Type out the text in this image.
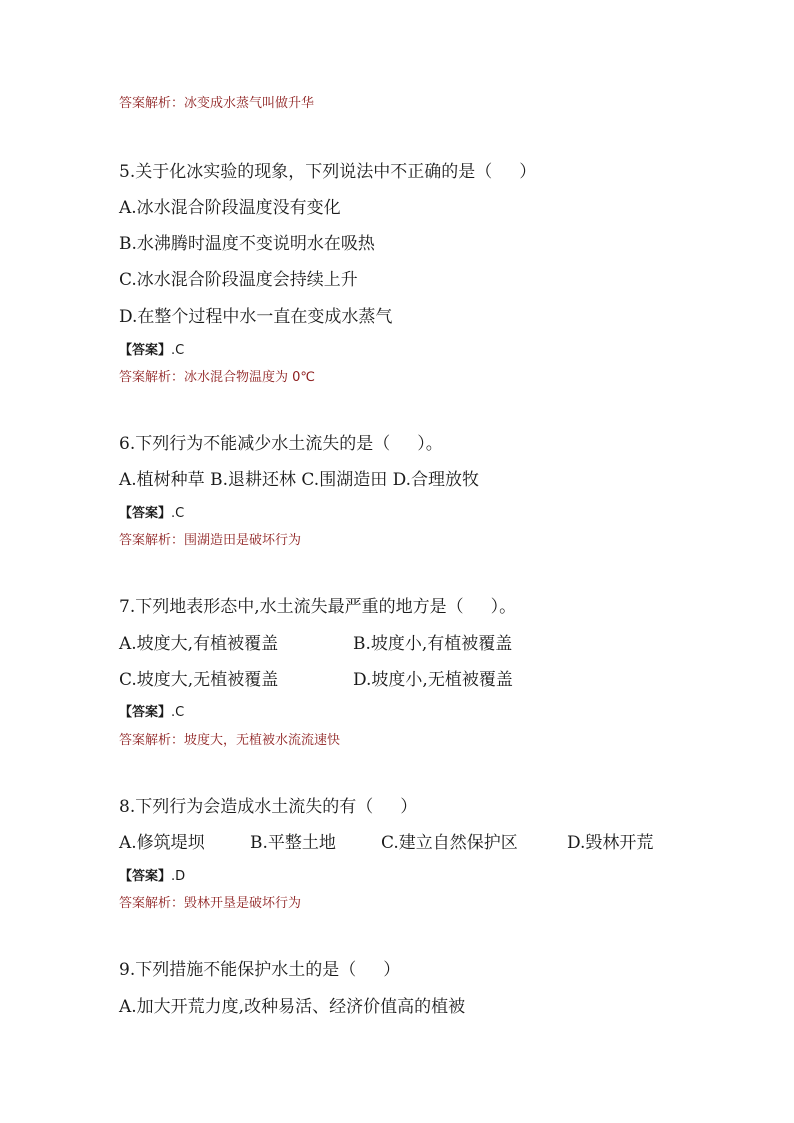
答案解析：冰变成水蒸气叫做升华
5.关于化冰实验的现象，下列说法中不正确的是（     ）
A.冰水混合阶段温度没有变化
B.水沸腾时温度不变说明水在吸热
C.冰水混合阶段温度会持续上升
D.在整个过程中水一直在变成水蒸气
【答案】.C
答案解析：冰水混合物温度为 0℃
6.下列行为不能减少水土流失的是（     ）。
A.植树种草 B.退耕还林 C.围湖造田 D.合理放牧
【答案】.C
答案解析：围湖造田是破坏行为
7.下列地表形态中,水土流失最严重的地方是（     ）。
A.坡度大,有植被覆盖	B.坡度小,有植被覆盖
C.坡度大,无植被覆盖	D.坡度小,无植被覆盖
【答案】.C
答案解析：坡度大，无植被水流流速快
8.下列行为会造成水土流失的有（     ）
A.修筑堤坝	B.平整土地	C.建立自然保护区	D.毁林开荒
【答案】.D
答案解析：毁林开垦是破坏行为
9.下列措施不能保护水土的是（     ）
A.加大开荒力度,改种易活、经济价值高的植被
